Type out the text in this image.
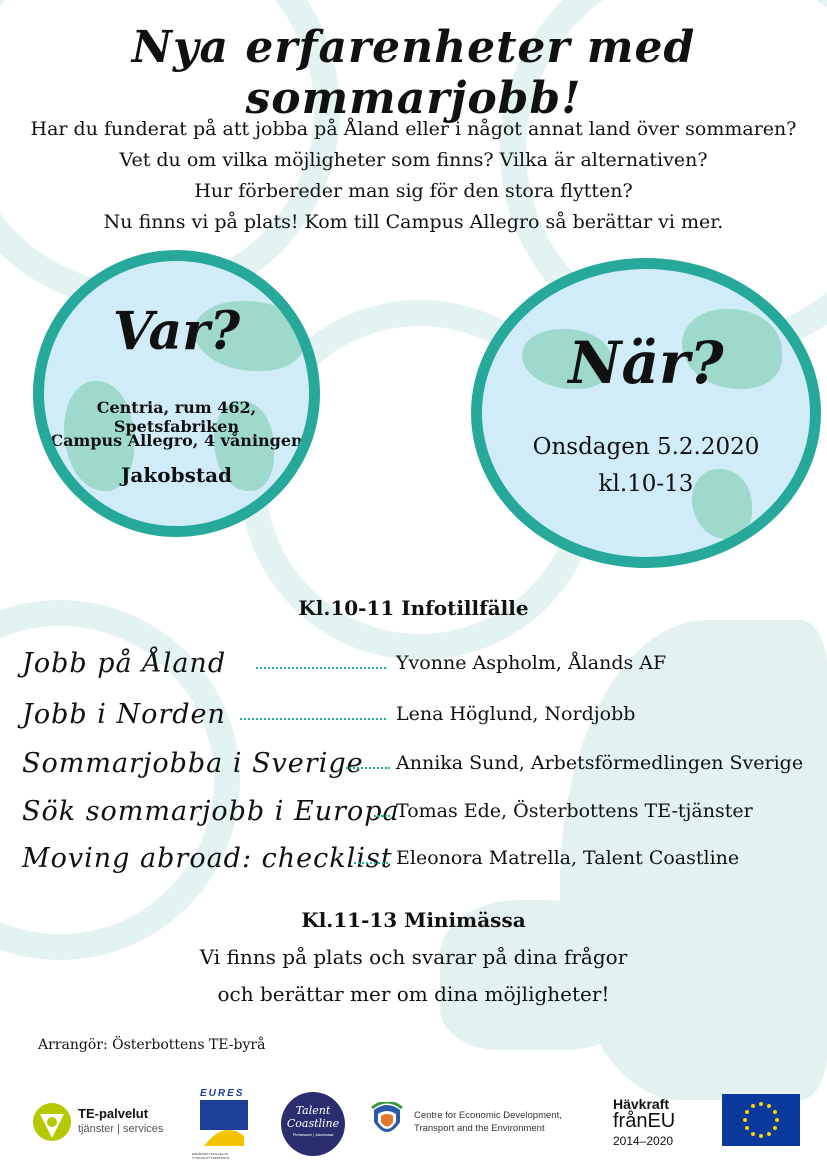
Nya erfarenheter med sommarjobb!
Har du funderat på att jobba på Åland eller i något annat land över sommaren?
Vet du om vilka möjligheter som finns? Vilka är alternativen?
Hur förbereder man sig för den stora flytten?
Nu finns vi på plats! Kom till Campus Allegro så berättar vi mer.
Var?
Centria, rum 462, Spetsfabriken
Campus Allegro, 4 våningen
Jakobstad
När?
Onsdagen 5.2.2020
kl.10-13
Kl.10-11 Infotillfälle
Jobb på Åland	Yvonne Aspholm, Ålands AF
Jobb i Norden	Lena Höglund, Nordjobb
Sommarjobba i Sverige Annika Sund, Arbetsförmedlingen Sverige
Sök sommarjobb i Europa
Tomas Ede, Österbottens TE-tjänster
Moving abroad: checklist Eleonora Matrella, Talent Coastline
Kl.11-13 Minimässa
Vi finns på plats och svarar på dina frågor
och berättar mer om dina möjligheter!
Arrangör: Österbottens TE-byrå
TE-palvelut
tjänster | services
EURES
ESMÄNNÄTYSPALVELUN TYÖNVÄLITYSVERKOSTO
Talent
Coastline
Pietarsaari | Jakobstad
Centre for Economic Development,
Transport and the Environment
Hävkraft
frånEU
2014–2020
